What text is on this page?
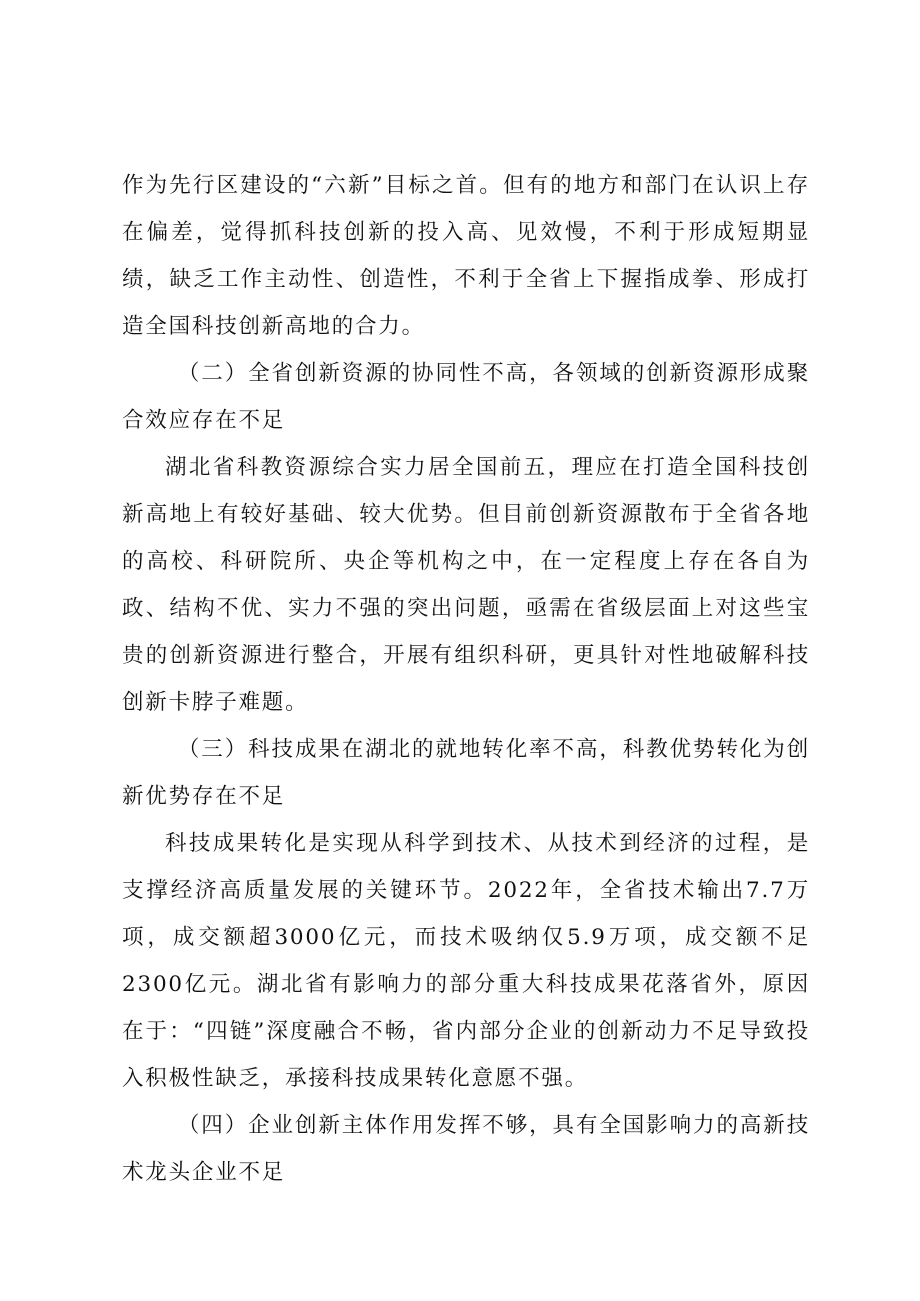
作为先行区建设的“六新”目标之首。但有的地方和部门在认识上存在偏差，觉得抓科技创新的投入高、见效慢，不利于形成短期显绩，缺乏工作主动性、创造性，不利于全省上下握指成拳、形成打造全国科技创新高地的合力。

（二）全省创新资源的协同性不高，各领域的创新资源形成聚合效应存在不足

湖北省科教资源综合实力居全国前五，理应在打造全国科技创新高地上有较好基础、较大优势。但目前创新资源散布于全省各地的高校、科研院所、央企等机构之中，在一定程度上存在各自为政、结构不优、实力不强的突出问题，亟需在省级层面上对这些宝贵的创新资源进行整合，开展有组织科研，更具针对性地破解科技创新卡脖子难题。

（三）科技成果在湖北的就地转化率不高，科教优势转化为创新优势存在不足

科技成果转化是实现从科学到技术、从技术到经济的过程，是支撑经济高质量发展的关键环节。2022年，全省技术输出7.7万项，成交额超3000亿元，而技术吸纳仅5.9万项，成交额不足2300亿元。湖北省有影响力的部分重大科技成果花落省外，原因在于：“四链”深度融合不畅，省内部分企业的创新动力不足导致投入积极性缺乏，承接科技成果转化意愿不强。

（四）企业创新主体作用发挥不够，具有全国影响力的高新技术龙头企业不足
